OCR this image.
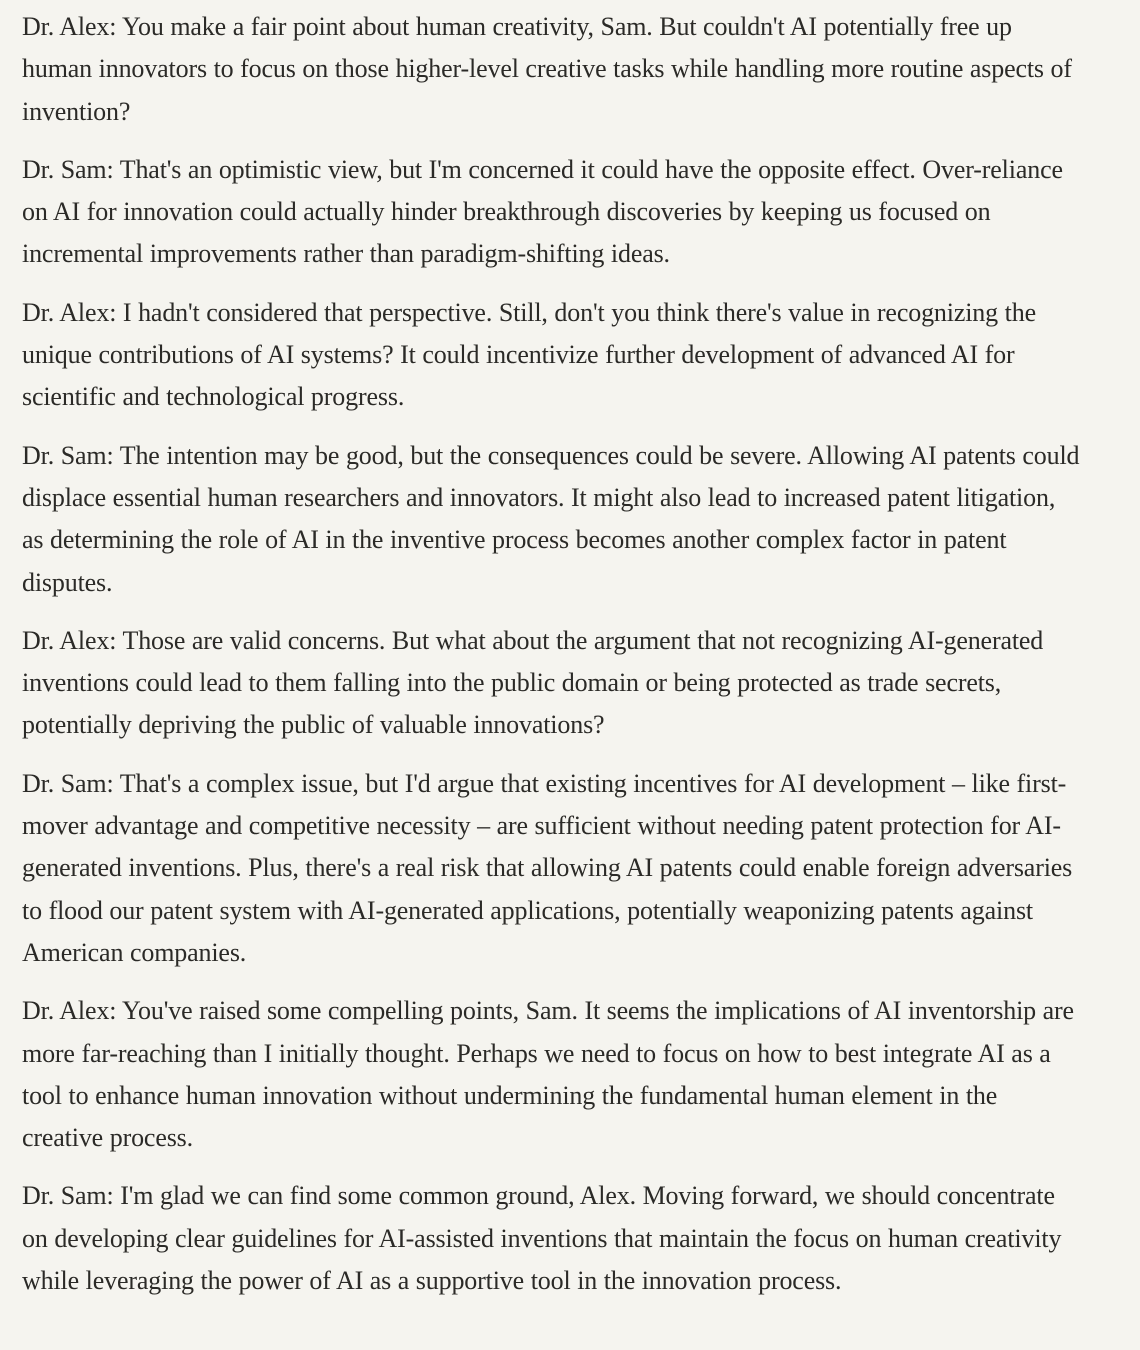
Dr. Alex: You make a fair point about human creativity, Sam. But couldn't AI potentially free up human innovators to focus on those higher-level creative tasks while handling more routine aspects of invention?

Dr. Sam: That's an optimistic view, but I'm concerned it could have the opposite effect. Over-reliance on AI for innovation could actually hinder breakthrough discoveries by keeping us focused on incremental improvements rather than paradigm-shifting ideas.

Dr. Alex: I hadn't considered that perspective. Still, don't you think there's value in recognizing the unique contributions of AI systems? It could incentivize further development of advanced AI for scientific and technological progress.

Dr. Sam: The intention may be good, but the consequences could be severe. Allowing AI patents could displace essential human researchers and innovators. It might also lead to increased patent litigation, as determining the role of AI in the inventive process becomes another complex factor in patent disputes.

Dr. Alex: Those are valid concerns. But what about the argument that not recognizing AI-generated inventions could lead to them falling into the public domain or being protected as trade secrets, potentially depriving the public of valuable innovations?

Dr. Sam: That's a complex issue, but I'd argue that existing incentives for AI development – like first-mover advantage and competitive necessity – are sufficient without needing patent protection for AI-generated inventions. Plus, there's a real risk that allowing AI patents could enable foreign adversaries to flood our patent system with AI-generated applications, potentially weaponizing patents against American companies.

Dr. Alex: You've raised some compelling points, Sam. It seems the implications of AI inventorship are more far-reaching than I initially thought. Perhaps we need to focus on how to best integrate AI as a tool to enhance human innovation without undermining the fundamental human element in the creative process.

Dr. Sam: I'm glad we can find some common ground, Alex. Moving forward, we should concentrate on developing clear guidelines for AI-assisted inventions that maintain the focus on human creativity while leveraging the power of AI as a supportive tool in the innovation process.
